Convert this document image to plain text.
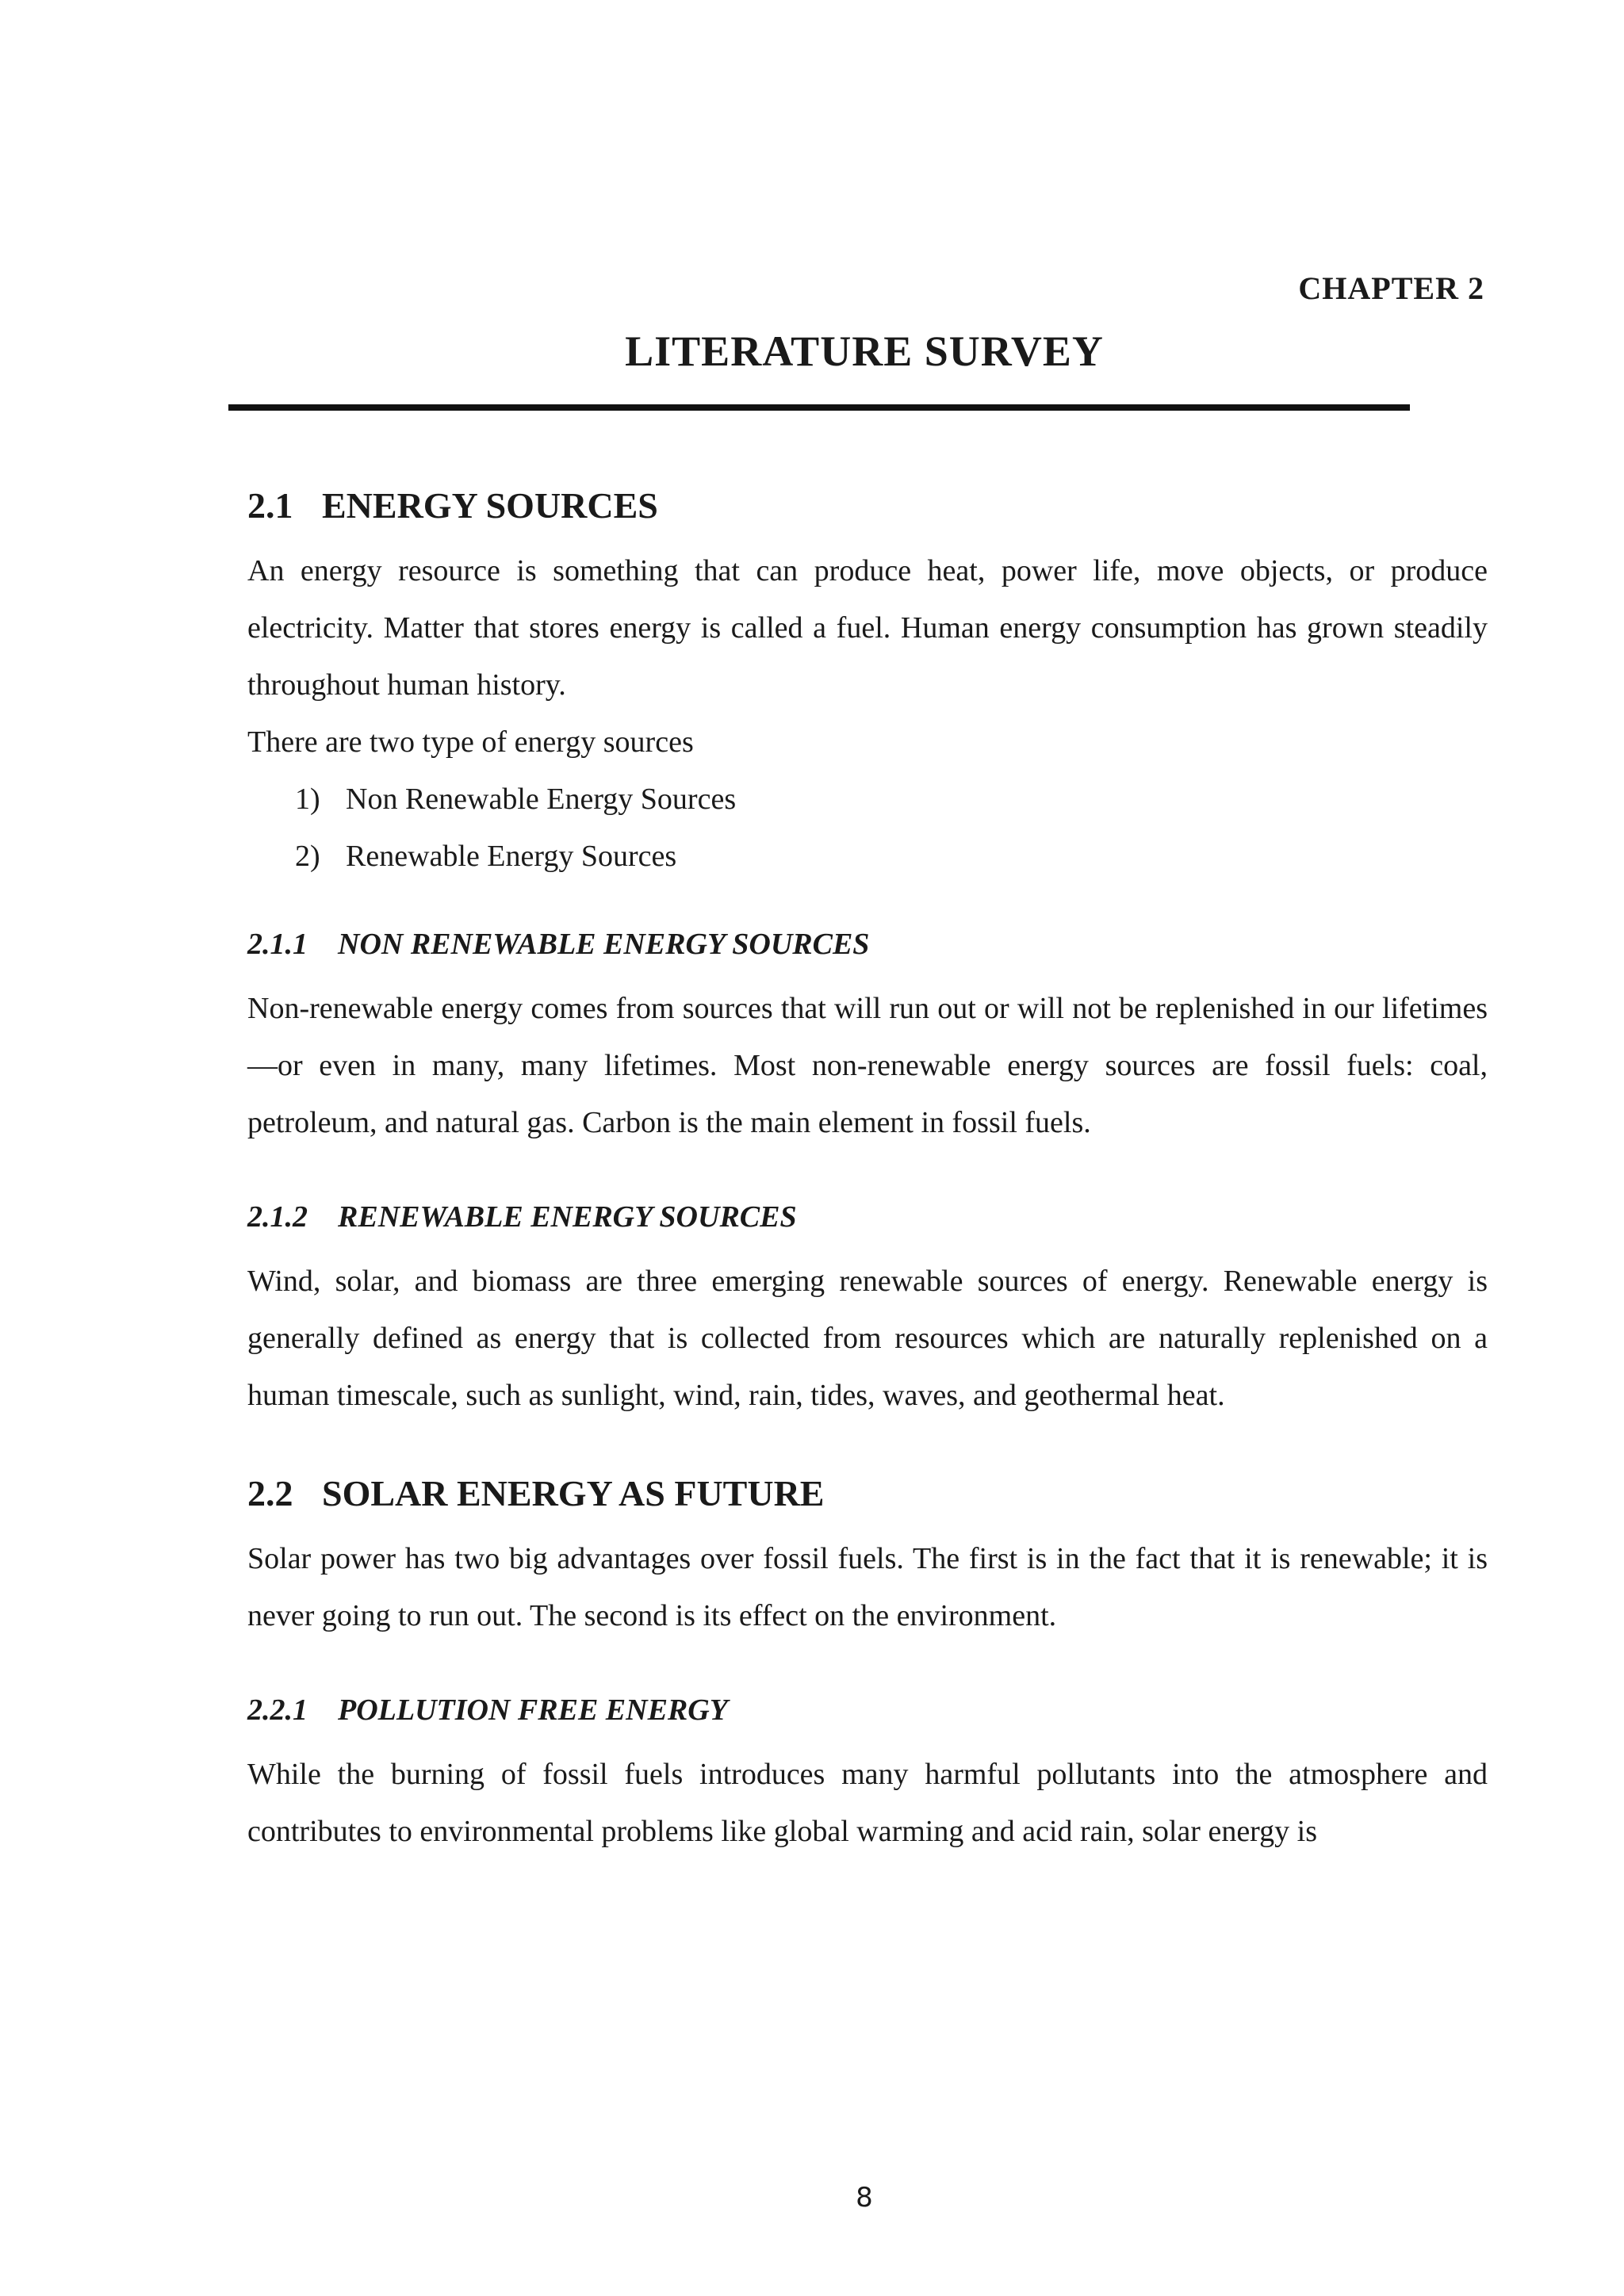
CHAPTER 2
LITERATURE SURVEY
2.1 ENERGY SOURCES

An energy resource is something that can produce heat, power life, move objects, or produce electricity. Matter that stores energy is called a fuel. Human energy consumption has grown steadily throughout human history.

There are two type of energy sources

1) Non Renewable Energy Sources
2) Renewable Energy Sources
2.1.1 NON RENEWABLE ENERGY SOURCES

Non-renewable energy comes from sources that will run out or will not be replenished in our lifetimes—or even in many, many lifetimes. Most non-renewable energy sources are fossil fuels: coal, petroleum, and natural gas. Carbon is the main element in fossil fuels.

2.1.2 RENEWABLE ENERGY SOURCES

Wind, solar, and biomass are three emerging renewable sources of energy. Renewable energy is generally defined as energy that is collected from resources which are naturally replenished on a human timescale, such as sunlight, wind, rain, tides, waves, and geothermal heat.

2.2 SOLAR ENERGY AS FUTURE

Solar power has two big advantages over fossil fuels. The first is in the fact that it is renewable; it is never going to run out. The second is its effect on the environment.

2.2.1 POLLUTION FREE ENERGY

While the burning of fossil fuels introduces many harmful pollutants into the atmosphere and contributes to environmental problems like global warming and acid rain, solar energy is

8
